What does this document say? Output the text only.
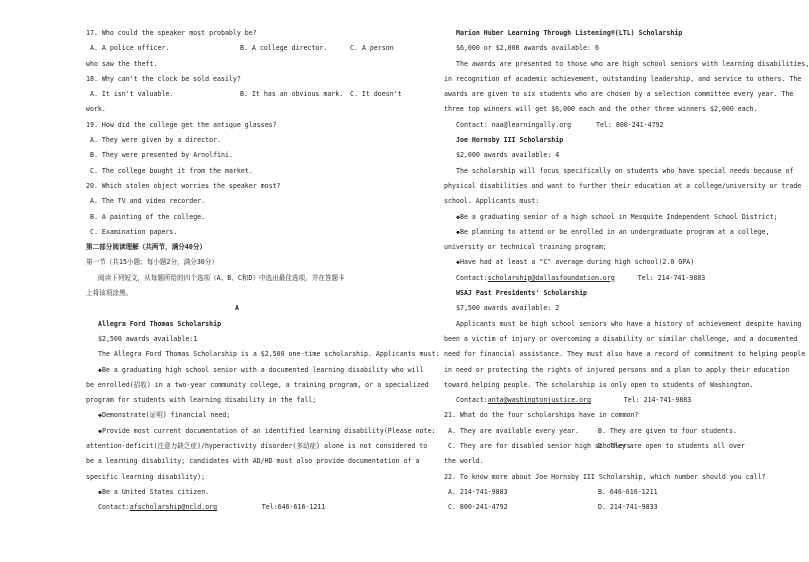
17. Who could the speaker most probably be?
A. A police officer.	B. A college director.	C. A person
who saw the theft.
18. Why can't the clock be sold easily?
A. It isn't valuable.	B. It has an obvious mark. C. It doesn't
work.
19. How did the college get the antique glasses?
A. They were given by a director.
B. They were presented by Arnolfini.
C. The college bought it from the market.
20. Which stolen object worries the speaker most?
A. The TV and video recorder.
B. A painting of the college.
C. Examination papers.
第二部分阅读理解（共两节，满分40分）
第一节（共15小题；每小题2分，满分30分）
阅读下列短文，从每题所给的四个选项（A、B、C和D）中选出最佳选项，并在答题卡
上将该项涂黑。
A
Allegra Ford Thomas Scholarship
$2,500 awards available:1
The Allegra Ford Thomas Scholarship is a $2,500 one-time scholarship. Applicants must:
◆Be a graduating high school senior with a documented learning disability who will
be enrolled(招收) in a two-year community college, a training program, or a specialized
program for students with learning disability in the fall;
◆Demonstrate(证明) financial need;
◆Provide most current documentation of an identified learning disability(Please note:
attention-deficit(注意力缺乏症)/hyperactivity disorder(多动症) alone is not considered to
be a learning disability; candidates with AD/HD must also provide documentation of a
specific learning disability);
◆Be a United States citizen.
Contact:afscholarship@ncld.org	Tel:646-616-1211
Marion Huber Learning Through Listening®(LTL) Scholarship
$6,000 or $2,000 awards available: 6
The awards are presented to those who are high school seniors with learning disabilities,
in recognition of academic achievement, outstanding leadership, and service to others. The
awards are given to six students who are chosen by a selection committee every year. The
three top winners will get $6,000 each and the other three winners $2,000 each.
Contact: naa@learningally.org	Tel: 800-241-4792
Joe Hornsby III Scholarship
$2,000 awards available: 4
The scholarship will focus specifically on students who have special needs because of
physical disabilities and want to further their education at a college/university or trade
school. Applicants must:
◆Be a graduating senior of a high school in Mesquite Independent School District;
◆Be planning to attend or be enrolled in an undergraduate program at a college,
university or technical training program;
◆Have had at least a "C" average during high school(2.0 GPA)
Contact:scholarship@dallasfoundation.org	Tel: 214-741-9883
WSAJ Past Presidents' Scholarship
$7,500 awards available: 2
Applicants must be high school seniors who have a history of achievement despite having
been a victim of injury or overcoming a disability or similar challenge, and a documented
need for financial assistance. They must also have a record of commitment to helping people
in need or protecting the rights of injured persons and a plan to apply their education
toward helping people. The scholarship is only open to students of Washington.
Contact:anta@washingtonjustice.org	Tel: 214-741-9883
21. What do the four scholarships have in common?
A. They are available every year.	B. They are given to four students.
C. They are for disabled senior high schoolers.D. They are open to students all over
the world.
22. To know more about Joe Hornsby III Scholarship, which number should you call?
A. 214-741-9883	B. 646-616-1211
C. 800-241-4792	D. 214-741-9833
